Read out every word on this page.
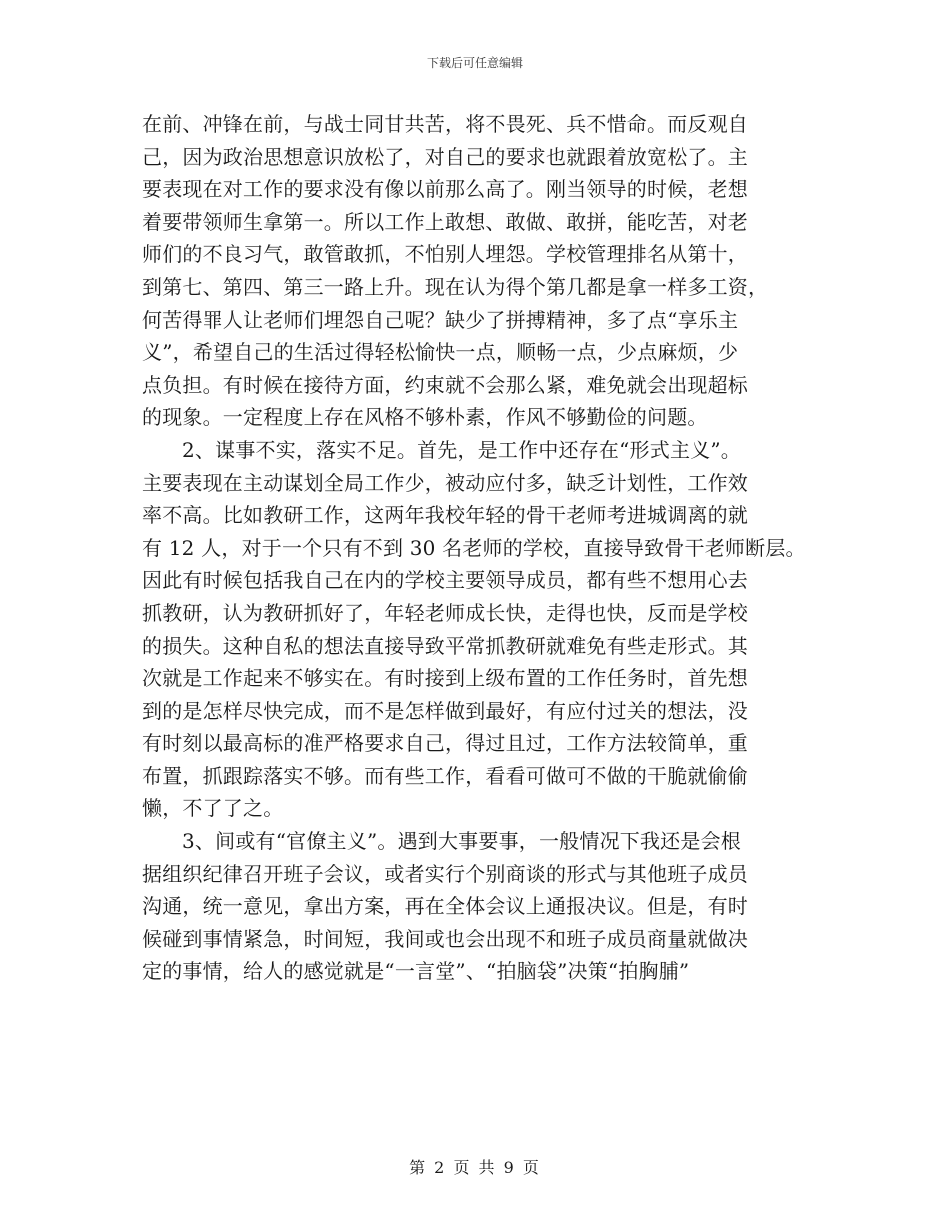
下载后可任意编辑
在前、冲锋在前，与战士同甘共苦，将不畏死、兵不惜命。而反观自
己，因为政治思想意识放松了，对自己的要求也就跟着放宽松了。主
要表现在对工作的要求没有像以前那么高了。刚当领导的时候，老想
着要带领师生拿第一。所以工作上敢想、敢做、敢拼，能吃苦，对老
师们的不良习气，敢管敢抓，不怕别人埋怨。学校管理排名从第十，
到第七、第四、第三一路上升。现在认为得个第几都是拿一样多工资，
何苦得罪人让老师们埋怨自己呢？缺少了拼搏精神，多了点“享乐主
义”，希望自己的生活过得轻松愉快一点，顺畅一点，少点麻烦，少
点负担。有时候在接待方面，约束就不会那么紧，难免就会出现超标
的现象。一定程度上存在风格不够朴素，作风不够勤俭的问题。
2、谋事不实，落实不足。首先，是工作中还存在“形式主义”。
主要表现在主动谋划全局工作少，被动应付多，缺乏计划性，工作效
率不高。比如教研工作，这两年我校年轻的骨干老师考进城调离的就
有 12 人，对于一个只有不到 30 名老师的学校，直接导致骨干老师断层。
因此有时候包括我自己在内的学校主要领导成员，都有些不想用心去
抓教研，认为教研抓好了，年轻老师成长快，走得也快，反而是学校
的损失。这种自私的想法直接导致平常抓教研就难免有些走形式。其
次就是工作起来不够实在。有时接到上级布置的工作任务时，首先想
到的是怎样尽快完成，而不是怎样做到最好，有应付过关的想法，没
有时刻以最高标的准严格要求自己，得过且过，工作方法较简单，重
布置，抓跟踪落实不够。而有些工作，看看可做可不做的干脆就偷偷
懒，不了了之。
3、间或有“官僚主义”。遇到大事要事，一般情况下我还是会根
据组织纪律召开班子会议，或者实行个别商谈的形式与其他班子成员
沟通，统一意见，拿出方案，再在全体会议上通报决议。但是，有时
候碰到事情紧急，时间短，我间或也会出现不和班子成员商量就做决
定的事情，给人的感觉就是“一言堂”、“拍脑袋”决策“拍胸脯”
第 2 页 共 9 页
